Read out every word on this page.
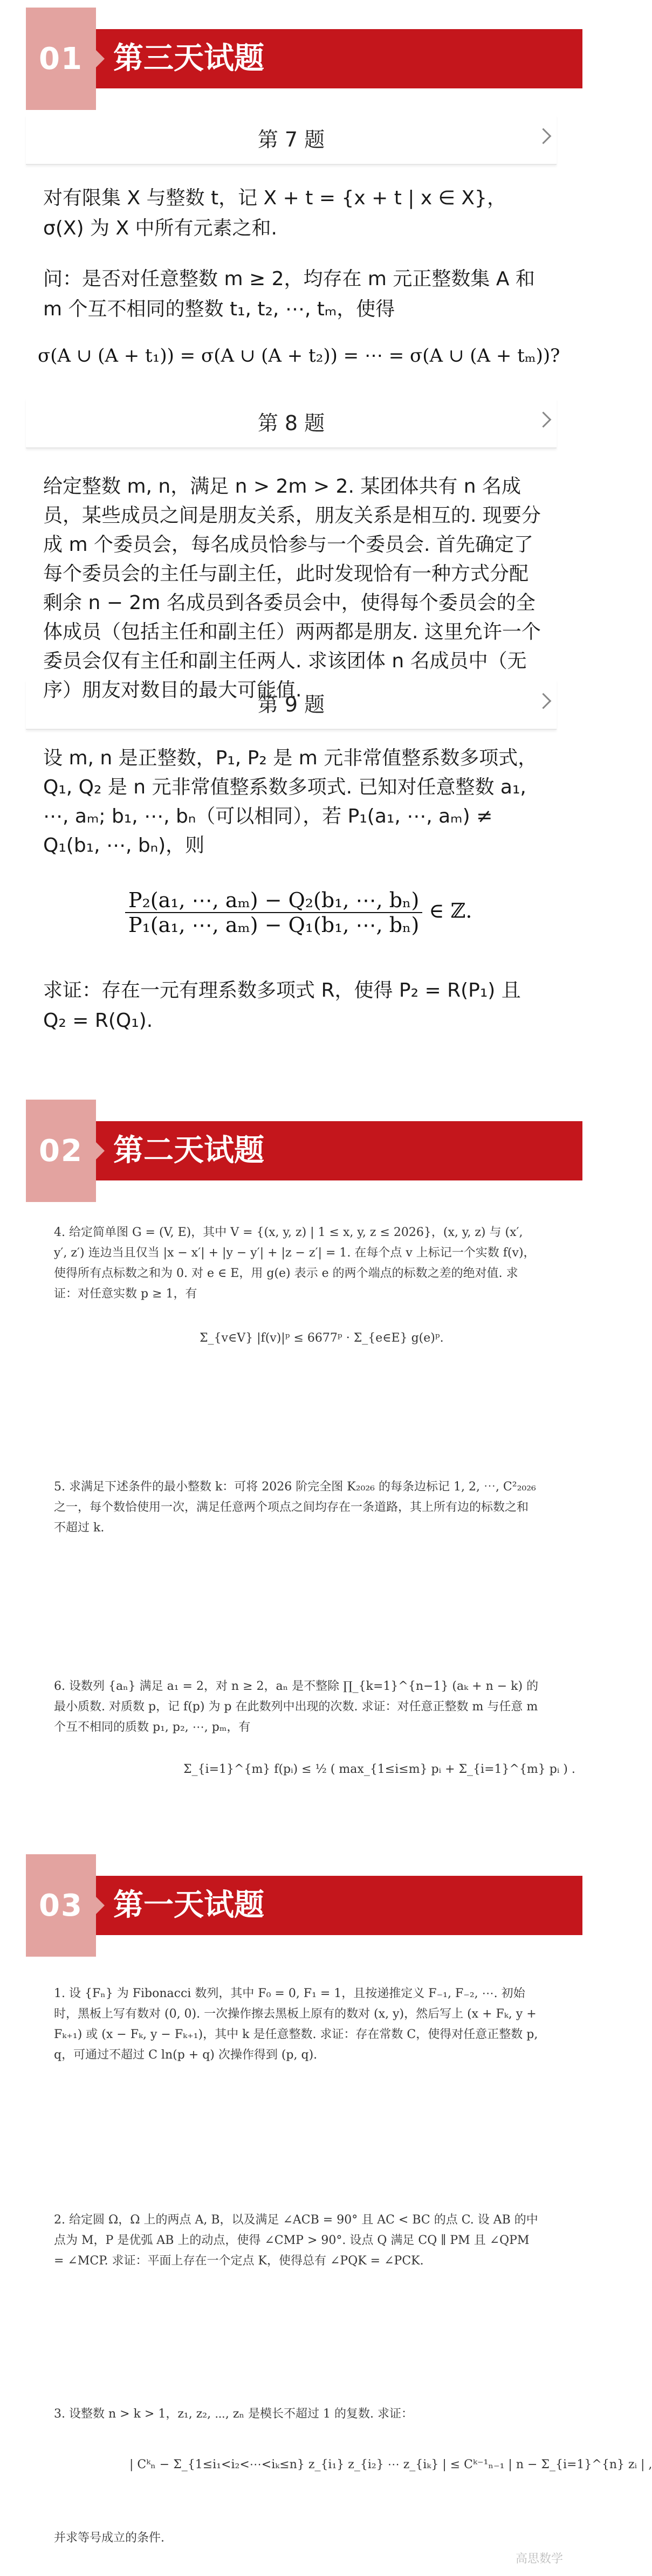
01 第三天试题
第 7 题
对有限集 X 与整数 t，记 X + t = {x + t | x ∈ X}，σ(X) 为 X 中所有元素之和.
问：是否对任意整数 m ≥ 2，均存在 m 元正整数集 A 和 m 个互不相同的整数 t₁, t₂, ⋯, tₘ，使得
σ(A ∪ (A + t₁)) = σ(A ∪ (A + t₂)) = ⋯ = σ(A ∪ (A + tₘ))?
第 8 题
给定整数 m, n，满足 n > 2m > 2. 某团体共有 n 名成员，某些成员之间是朋友关系，朋友关系是相互的. 现要分成 m 个委员会，每名成员恰参与一个委员会. 首先确定了每个委员会的主任与副主任，此时发现恰有一种方式分配剩余 n − 2m 名成员到各委员会中，使得每个委员会的全体成员（包括主任和副主任）两两都是朋友. 这里允许一个委员会仅有主任和副主任两人. 求该团体 n 名成员中（无序）朋友对数目的最大可能值.
第 9 题
设 m, n 是正整数，P₁, P₂ 是 m 元非常值整系数多项式，Q₁, Q₂ 是 n 元非常值整系数多项式. 已知对任意整数 a₁, ⋯, aₘ; b₁, ⋯, bₙ（可以相同），若 P₁(a₁, ⋯, aₘ) ≠ Q₁(b₁, ⋯, bₙ)，则
$\frac{\text{P₂(a₁, ⋯, aₘ) − Q₂(b₁, ⋯, bₙ)}}{\text{P₁(a₁, ⋯, aₘ) − Q₁(b₁, ⋯, bₙ)}}$ ∈ ℤ.
求证：存在一元有理系数多项式 R，使得 P₂ = R(P₁) 且 Q₂ = R(Q₁).
02 第二天试题
4. 给定简单图 G = (V, E)，其中 V = {(x, y, z) | 1 ≤ x, y, z ≤ 2026}，(x, y, z) 与 (x′, y′, z′) 连边当且仅当 |x − x′| + |y − y′| + |z − z′| = 1. 在每个点 v 上标记一个实数 f(v)，使得所有点标数之和为 0. 对 e ∈ E，用 g(e) 表示 e 的两个端点的标数之差的绝对值. 求证：对任意实数 p ≥ 1，有
Σ_{v∈V} |f(v)|ᵖ ≤ 6677ᵖ · Σ_{e∈E} g(e)ᵖ.
5. 求满足下述条件的最小整数 k：可将 2026 阶完全图 K₂₀₂₆ 的每条边标记 1, 2, ⋯, C²₂₀₂₆ 之一，每个数恰使用一次，满足任意两个项点之间均存在一条道路，其上所有边的标数之和不超过 k.
6. 设数列 {aₙ} 满足 a₁ = 2，对 n ≥ 2，aₙ 是不整除 ∏_{k=1}^{n−1} (aₖ + n − k) 的最小质数. 对质数 p，记 f(p) 为 p 在此数列中出现的次数. 求证：对任意正整数 m 与任意 m 个互不相同的质数 p₁, p₂, ⋯, pₘ，有
Σ_{i=1}^{m} f(pᵢ) ≤ ½ ( max_{1≤i≤m} pᵢ + Σ_{i=1}^{m} pᵢ ) .
03 第一天试题
1. 设 {Fₙ} 为 Fibonacci 数列，其中 F₀ = 0, F₁ = 1，且按递推定义 F₋₁, F₋₂, ⋯. 初始时，黑板上写有数对 (0, 0). 一次操作擦去黑板上原有的数对 (x, y)，然后写上 (x + Fₖ, y + Fₖ₊₁) 或 (x − Fₖ, y − Fₖ₊₁)，其中 k 是任意整数. 求证：存在常数 C，使得对任意正整数 p, q，可通过不超过 C ln(p + q) 次操作得到 (p, q).
2. 给定圆 Ω，Ω 上的两点 A, B，以及满足 ∠ACB = 90° 且 AC < BC 的点 C. 设 AB 的中点为 M，P 是优弧 AB 上的动点，使得 ∠CMP > 90°. 设点 Q 满足 CQ ∥ PM 且 ∠QPM = ∠MCP. 求证：平面上存在一个定点 K，使得总有 ∠PQK = ∠PCK.
3. 设整数 n > k > 1，z₁, z₂, ⋯, zₙ 是模长不超过 1 的复数. 求证：
| Cᵏₙ − Σ_{1≤i₁<i₂<⋯<iₖ≤n} z_{i₁} z_{i₂} ⋯ z_{iₖ} | ≤ Cᵏ⁻¹ₙ₋₁ | n − Σ_{i=1}^{n} zᵢ | ,
并求等号成立的条件.
高思数学
